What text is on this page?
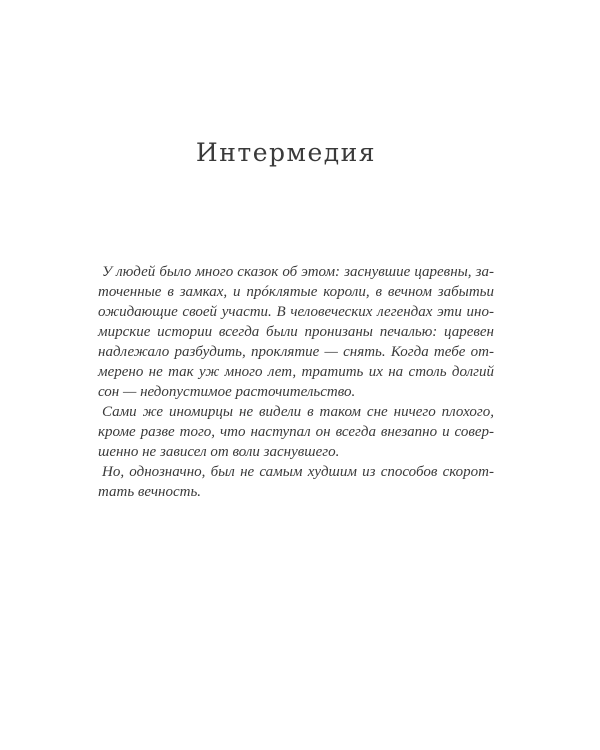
Интермедия
У людей было много сказок об этом: заснувшие царевны, за-
точенные в замках, и прóклятые короли, в вечном забытьи
ожидающие своей участи. В человеческих легендах эти ино-
мирские истории всегда были пронизаны печалью: царевен
надлежало разбудить, проклятие — снять. Когда тебе от-
мерено не так уж много лет, тратить их на столь долгий
сон — недопустимое расточительство.
Сами же иномирцы не видели в таком сне ничего плохого,
кроме разве того, что наступал он всегда внезапно и совер-
шенно не зависел от воли заснувшего.
Но, однозначно, был не самым худшим из способов скорот-
тать вечность.
